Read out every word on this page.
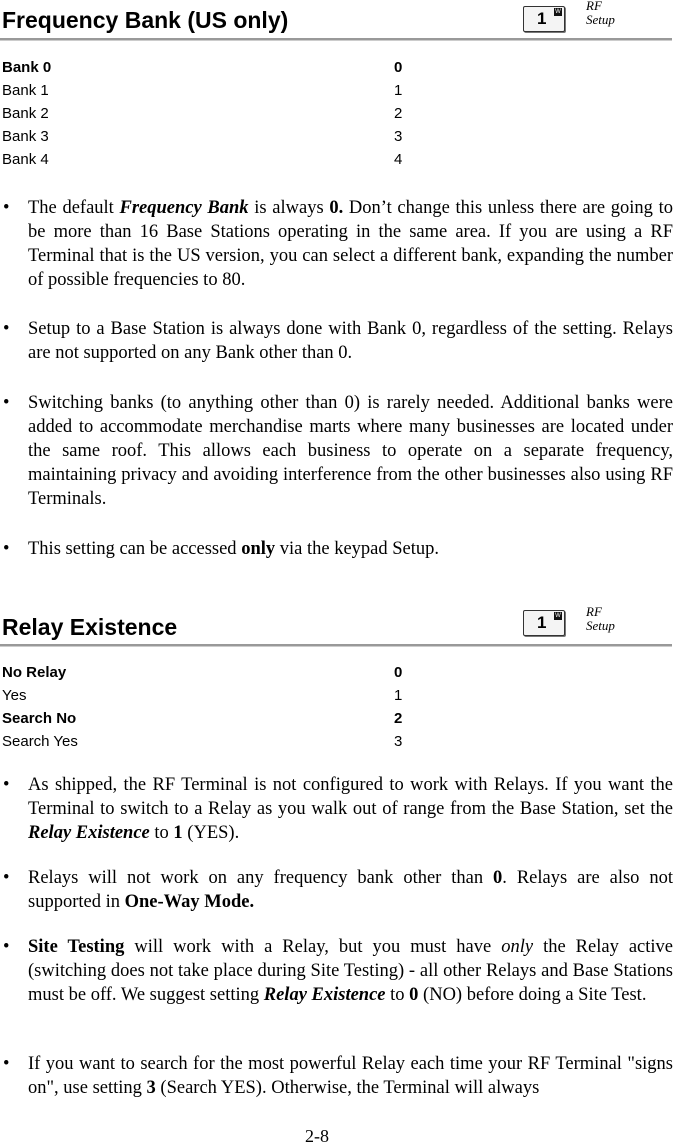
Frequency Bank (US only)	1 W RF
Setup
Bank 0	0
Bank 1	1
Bank 2	2
Bank 3	3
Bank 4	4
• The default Frequency Bank is always 0. Don’t change this unless there are going to be more than 16 Base Stations operating in the same area. If you are using a RF Terminal that is the US version, you can select a different bank, expanding the number of possible frequencies to 80.
• Setup to a Base Station is always done with Bank 0, regardless of the setting. Relays are not supported on any Bank other than 0.
• Switching banks (to anything other than 0) is rarely needed. Additional banks were added to accommodate merchandise marts where many businesses are located under the same roof. This allows each business to operate on a separate frequency, maintaining privacy and avoiding interference from the other businesses also using RF Terminals.
• This setting can be accessed only via the keypad Setup.
Relay Existence	1 W RF
Setup
No Relay	0
Yes	1
Search No	2
Search Yes	3
• As shipped, the RF Terminal is not configured to work with Relays. If you want the Terminal to switch to a Relay as you walk out of range from the Base Station, set the Relay Existence to 1 (YES).
• Relays will not work on any frequency bank other than 0. Relays are also not supported in One-Way Mode.
• Site Testing will work with a Relay, but you must have only the Relay active (switching does not take place during Site Testing) - all other Relays and Base Stations must be off. We suggest setting Relay Existence to 0 (NO) before doing a Site Test.
• If you want to search for the most powerful Relay each time your RF Terminal "signs on", use setting 3 (Search YES). Otherwise, the Terminal will always
2-8
